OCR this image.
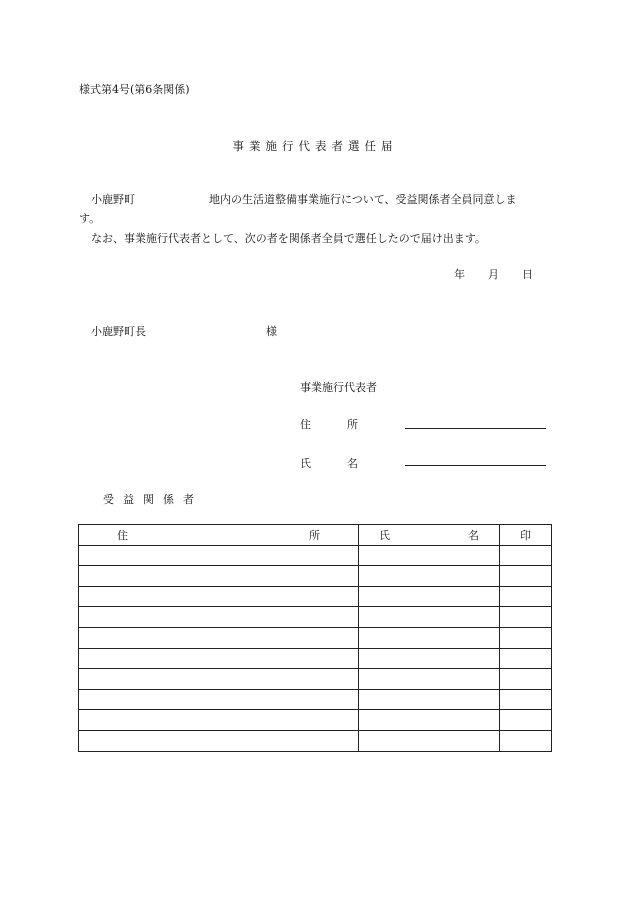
様式第4号(第6条関係)
事業施行代表者選任届
小鹿野町	地内の生活道整備事業施行について、受益関係者全員同意しま
す。
なお、事業施行代表者として、次の者を関係者全員で選任したので届け出ます。
年 月 日
小鹿野町長	様
事業施行代表者
住	所
氏	名
受益関係者
住 所	氏 名	印
